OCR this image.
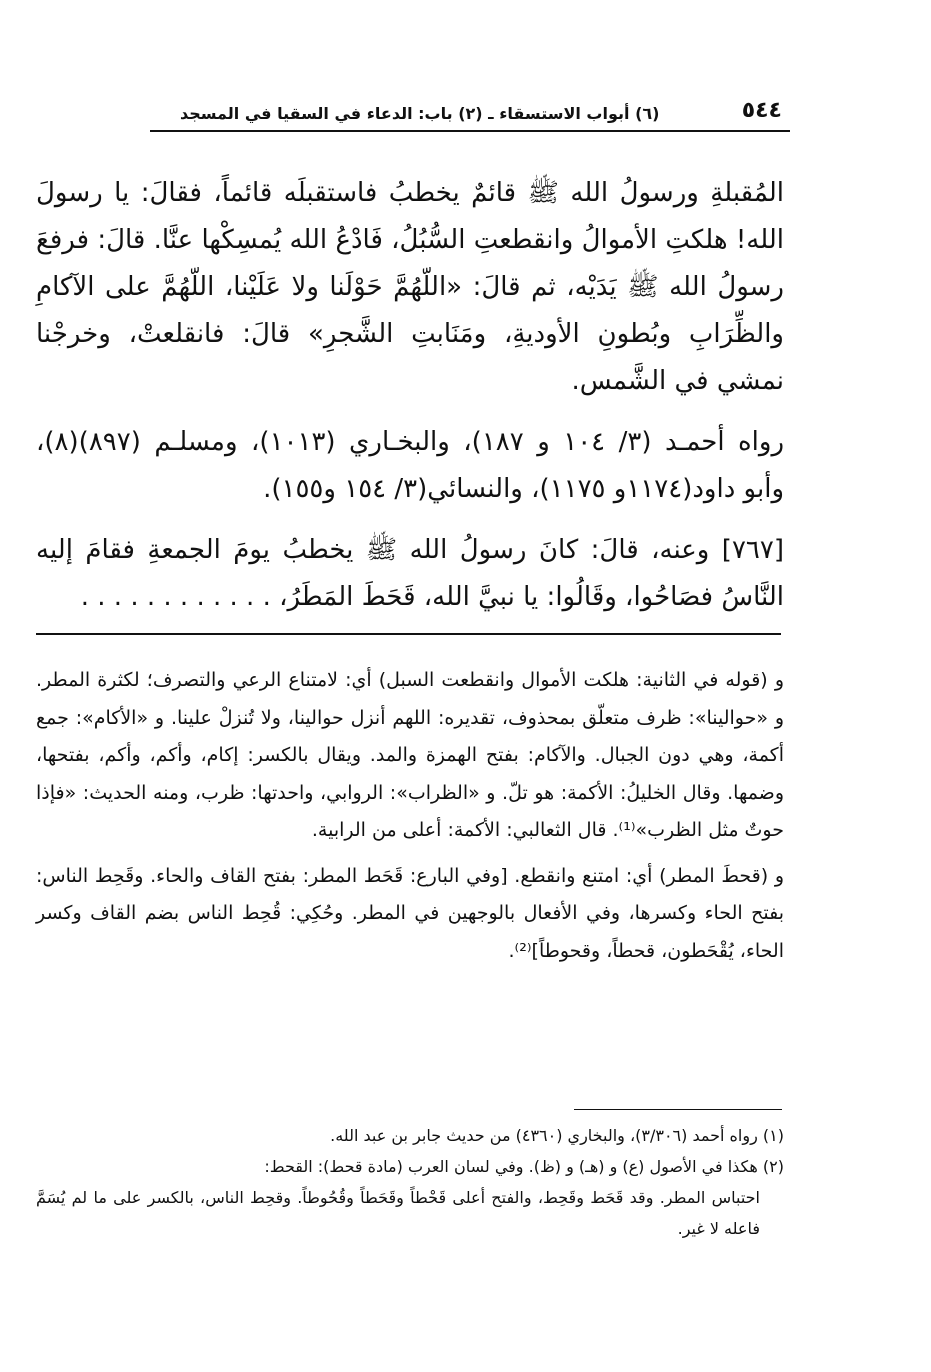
٥٤٤
(٦) أبواب الاستسقاء ـ (٢) باب: الدعاء في السقيا في المسجد

المُقبلةِ ورسولُ الله ﷺ قائمٌ يخطبُ فاستقبلَه قائماً، فقالَ: يا رسولَ الله! هلكتِ الأموالُ وانقطعتِ السُّبُلُ، فَادْعُ الله يُمسِكْها عنَّا. قالَ: فرفعَ رسولُ الله ﷺ يَدَيْه، ثم قالَ: «اللّهُمَّ حَوْلَنا ولا عَلَيْنا، اللّهُمَّ على الآكامِ والظِّرَابِ وبُطونِ الأوديةِ، ومَنَابتِ الشَّجرِ» قالَ: فانقلعتْ، وخرجْنا نمشي في الشَّمس.

رواه أحمـد (٣/ ١٠٤ و ١٨٧)، والبخـاري (١٠١٣)، ومسلـم (٨٩٧)(٨)، وأبو داود(١١٧٤و ١١٧٥)، والنسائي(٣/ ١٥٤ و١٥٥).

[٧٦٧] وعنه، قالَ: كانَ رسولُ الله ﷺ يخطبُ يومَ الجمعةِ فقامَ إليه النَّاسُ فصَاحُوا، وقَالُوا: يا نبيَّ الله، قَحَطَ المَطَرُ، . . . . . . . . . . . .

و (قوله في الثانية: هلكت الأموال وانقطعت السبل) أي: لامتناع الرعي والتصرف؛ لكثرة المطر. و «حوالينا»: ظرف متعلّق بمحذوف، تقديره: اللهم أنزل حوالينا، ولا تُنزلْ علينا. و «الأكام»: جمع أكمة، وهي دون الجبال. والآكام: بفتح الهمزة والمد. ويقال بالكسر: إكام، وأكم، وأكم، بفتحها، وضمها. وقال الخليلُ: الأكمة: هو تلّ. و «الظراب»: الروابي، واحدتها: ظرب، ومنه الحديث: «فإذا حوتٌ مثل الظرب»⁽¹⁾. قال الثعالبي: الأكمة: أعلى من الرابية.

و (قحطَ المطر) أي: امتنع وانقطع. [وفي البارع: قَحَط المطر: بفتح القاف والحاء. وقَحِط الناس: بفتح الحاء وكسرها، وفي الأفعال بالوجهين في المطر. وحُكِي: قُحِط الناس بضم القاف وكسر الحاء، يُقْحَطون، قحطاً، وقحوطاً]⁽²⁾.

(١) رواه أحمد (٣/٣٠٦)، والبخاري (٤٣٦٠) من حديث جابر بن عبد الله.

(٢) هكذا في الأصول (ع) و (هـ) و (ظ). وفي لسان العرب (مادة قحط): القحط:

احتباس المطر. وقد قَحَط وقَحِط، والفتح أعلى قَحْطاً وقَحَطاً وقُحُوطاً. وقحِط الناس، بالكسر على ما لم يُسَمَّ فاعله لا غير.
